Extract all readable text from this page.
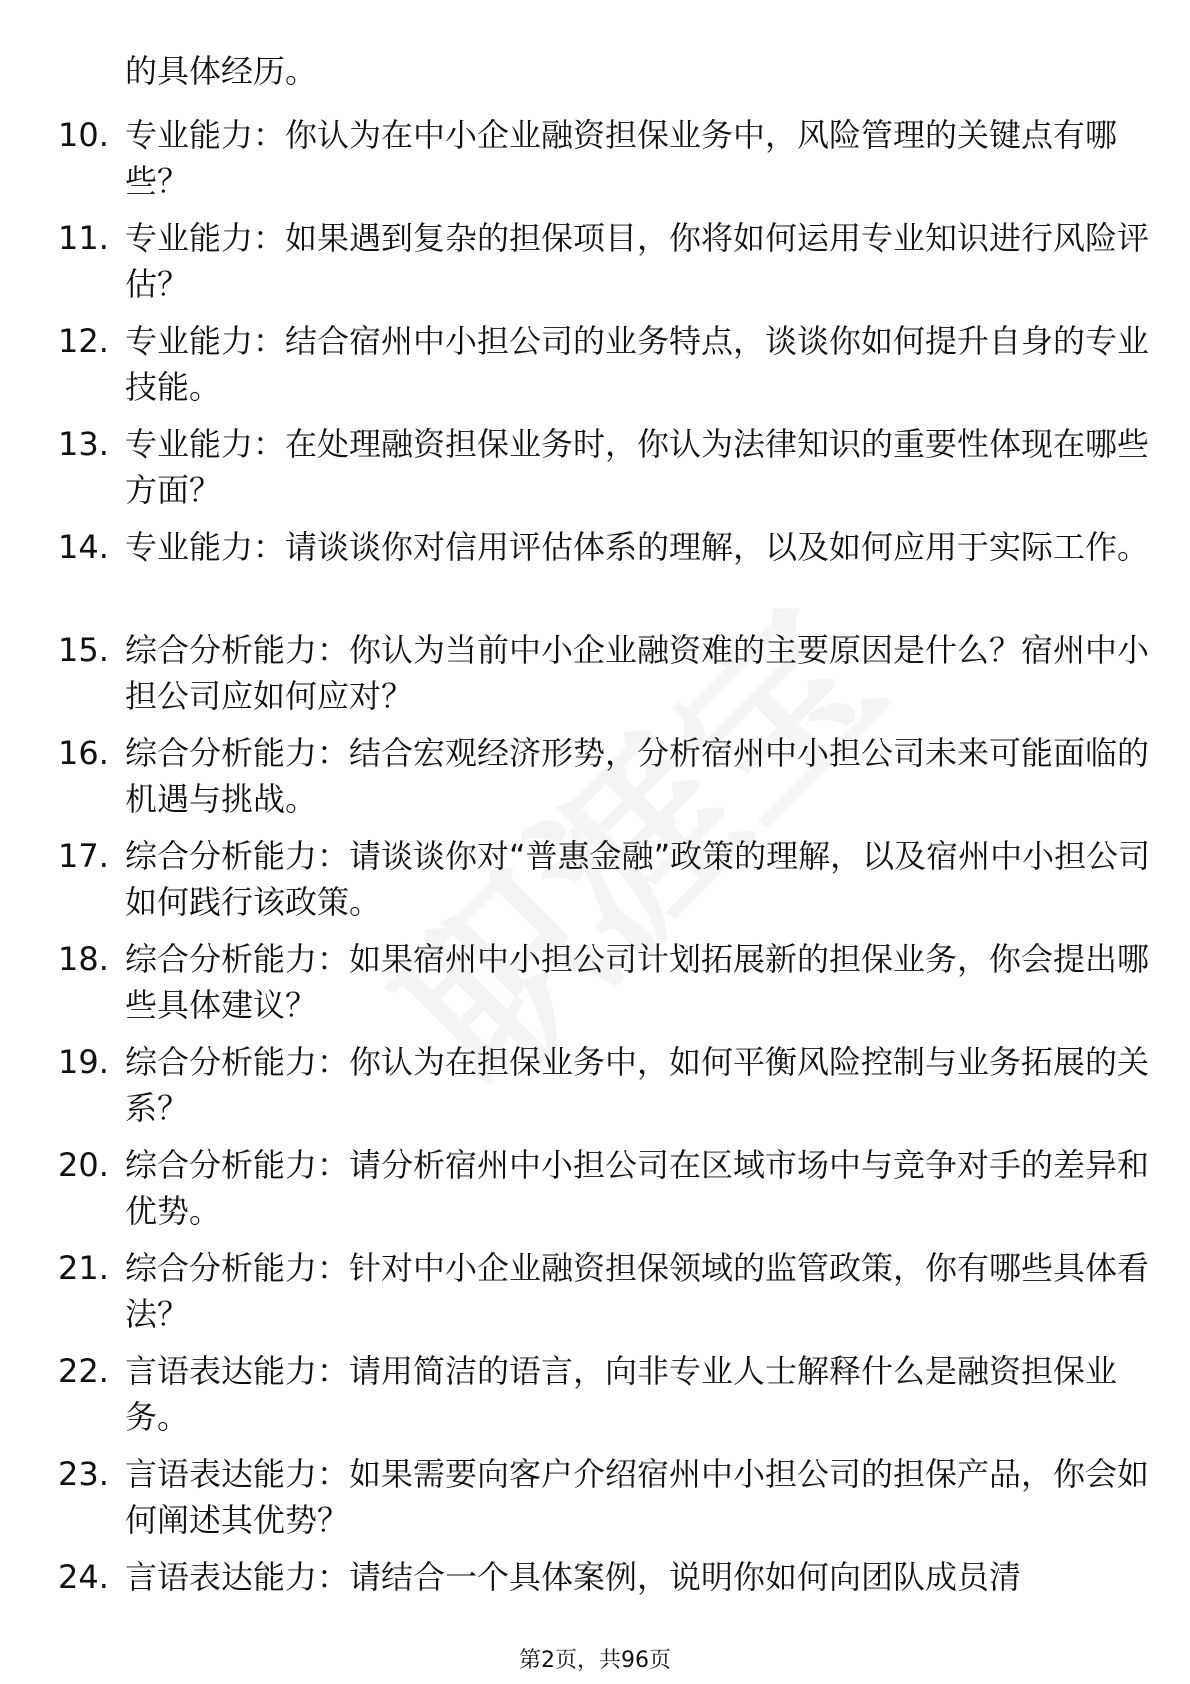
的具体经历。
10. 专业能力：你认为在中小企业融资担保业务中，风险管理的关键点有哪些？
11. 专业能力：如果遇到复杂的担保项目，你将如何运用专业知识进行风险评估？
12. 专业能力：结合宿州中小担公司的业务特点，谈谈你如何提升自身的专业技能。
13. 专业能力：在处理融资担保业务时，你认为法律知识的重要性体现在哪些方面？
14. 专业能力：请谈谈你对信用评估体系的理解，以及如何应用于实际工作。
15. 综合分析能力：你认为当前中小企业融资难的主要原因是什么？宿州中小担公司应如何应对？
16. 综合分析能力：结合宏观经济形势，分析宿州中小担公司未来可能面临的机遇与挑战。
17. 综合分析能力：请谈谈你对“普惠金融”政策的理解，以及宿州中小担公司如何践行该政策。
18. 综合分析能力：如果宿州中小担公司计划拓展新的担保业务，你会提出哪些具体建议？
19. 综合分析能力：你认为在担保业务中，如何平衡风险控制与业务拓展的关系？
20. 综合分析能力：请分析宿州中小担公司在区域市场中与竞争对手的差异和优势。
21. 综合分析能力：针对中小企业融资担保领域的监管政策，你有哪些具体看法？
22. 言语表达能力：请用简洁的语言，向非专业人士解释什么是融资担保业务。
23. 言语表达能力：如果需要向客户介绍宿州中小担公司的担保产品，你会如何阐述其优势？
24. 言语表达能力：请结合一个具体案例，说明你如何向团队成员清
第2页，共96页
